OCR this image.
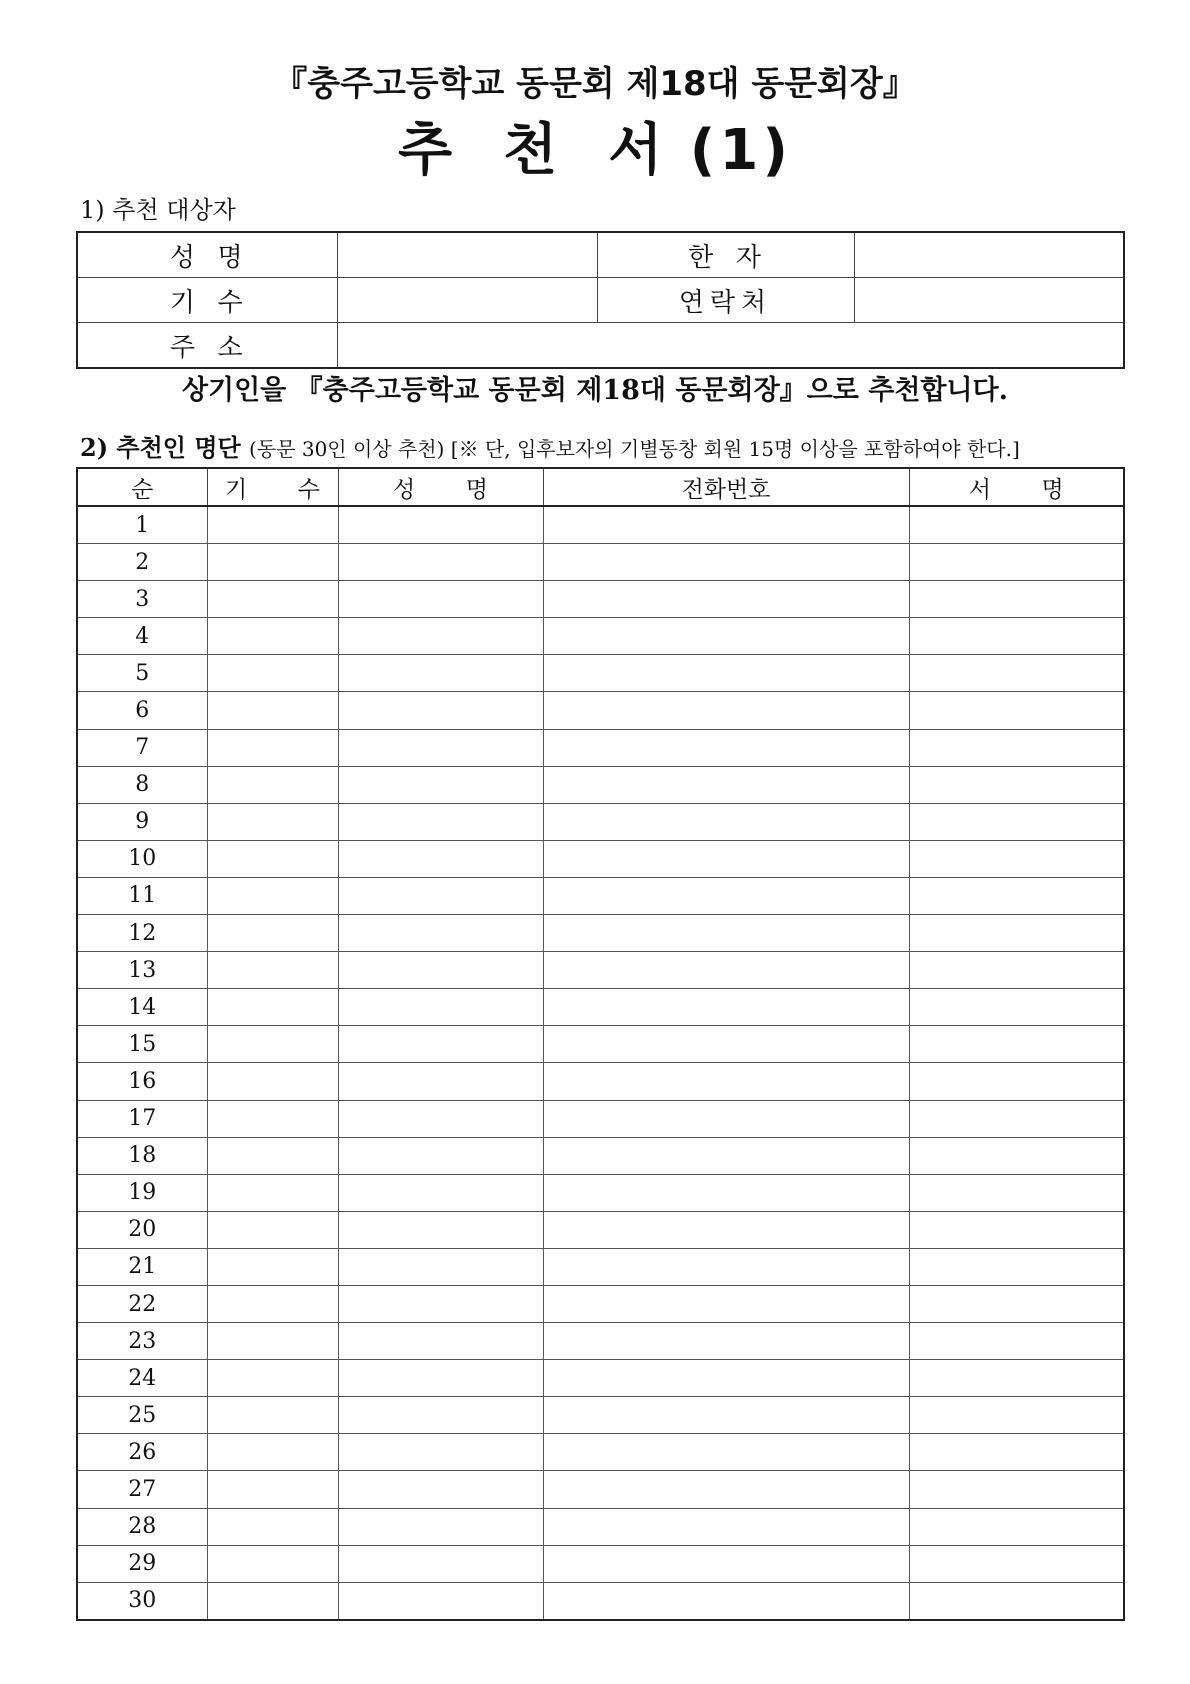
『충주고등학교 동문회 제18대 동문회장』
추  천  서 (1)
1) 추천 대상자
성  명		한  자	
기  수		연락처	
주  소			
상기인을 『충주고등학교 동문회 제18대 동문회장』으로 추천합니다.
2) 추천인 명단 (동문 30인 이상 추천) [※ 단, 입후보자의 기별동창 회원 15명 이상을 포함하여야 한다.]
순	기  수	성  명	전화번호	서  명
1				
2				
3				
4				
5				
6				
7				
8				
9				
10				
11				
12				
13				
14				
15				
16				
17				
18				
19				
20				
21				
22				
23				
24				
25				
26				
27				
28				
29				
30				
